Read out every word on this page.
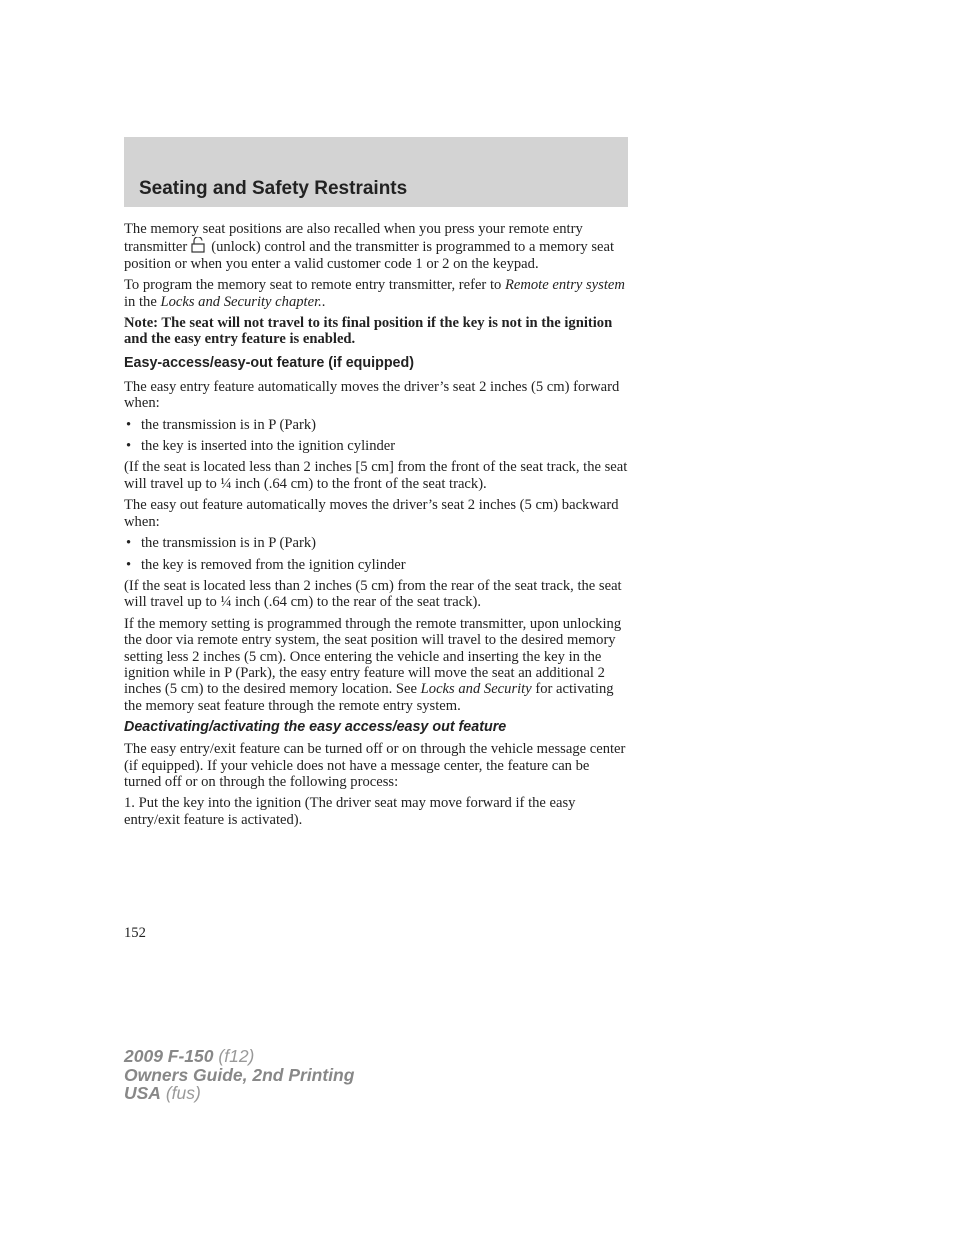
Seating and Safety Restraints

The memory seat positions are also recalled when you press your remote entry transmitter (unlock) control and the transmitter is programmed to a memory seat position or when you enter a valid customer code 1 or 2 on the keypad.

To program the memory seat to remote entry transmitter, refer to Remote entry system in the Locks and Security chapter..

Note: The seat will not travel to its final position if the key is not in the ignition and the easy entry feature is enabled.

Easy-access/easy-out feature (if equipped)

The easy entry feature automatically moves the driver’s seat 2 inches (5 cm) forward when:

• the transmission is in P (Park)
• the key is inserted into the ignition cylinder

(If the seat is located less than 2 inches [5 cm] from the front of the seat track, the seat will travel up to ¼ inch (.64 cm) to the front of the seat track).

The easy out feature automatically moves the driver’s seat 2 inches (5 cm) backward when:

• the transmission is in P (Park)
• the key is removed from the ignition cylinder

(If the seat is located less than 2 inches (5 cm) from the rear of the seat track, the seat will travel up to ¼ inch (.64 cm) to the rear of the seat track).

If the memory setting is programmed through the remote transmitter, upon unlocking the door via remote entry system, the seat position will travel to the desired memory setting less 2 inches (5 cm). Once entering the vehicle and inserting the key in the ignition while in P (Park), the easy entry feature will move the seat an additional 2 inches (5 cm) to the desired memory location. See Locks and Security for activating the memory seat feature through the remote entry system.

Deactivating/activating the easy access/easy out feature

The easy entry/exit feature can be turned off or on through the vehicle message center (if equipped). If your vehicle does not have a message center, the feature can be turned off or on through the following process:

1. Put the key into the ignition (The driver seat may move forward if the easy entry/exit feature is activated).

152
2009 F-150 (f12)
Owners Guide, 2nd Printing
USA (fus)
